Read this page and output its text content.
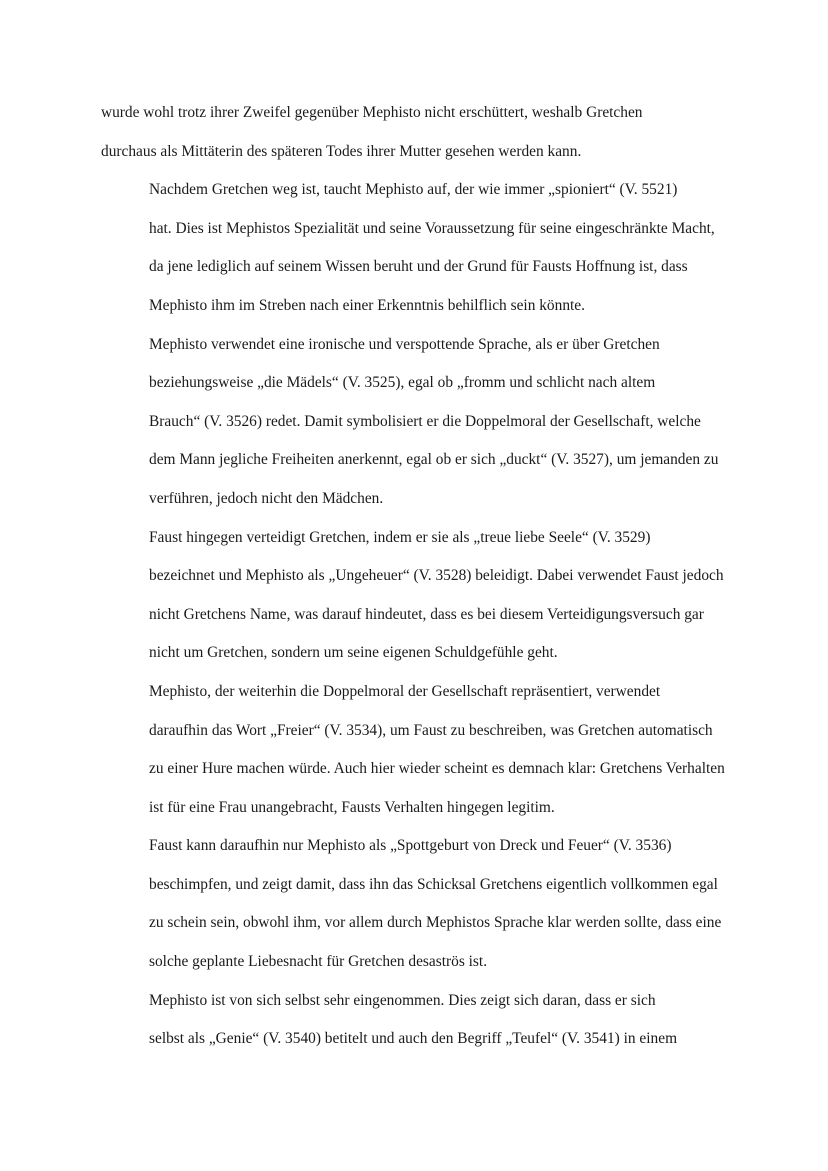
wurde wohl trotz ihrer Zweifel gegenüber Mephisto nicht erschüttert, weshalb Gretchen
durchaus als Mittäterin des späteren Todes ihrer Mutter gesehen werden kann.

Nachdem Gretchen weg ist, taucht Mephisto auf, der wie immer „spioniert“ (V. 5521)
hat. Dies ist Mephistos Spezialität und seine Voraussetzung für seine eingeschränkte Macht,
da jene lediglich auf seinem Wissen beruht und der Grund für Fausts Hoffnung ist, dass
Mephisto ihm im Streben nach einer Erkenntnis behilflich sein könnte.

Mephisto verwendet eine ironische und verspottende Sprache, als er über Gretchen
beziehungsweise „die Mädels“ (V. 3525), egal ob „fromm und schlicht nach altem
Brauch“ (V. 3526) redet. Damit symbolisiert er die Doppelmoral der Gesellschaft, welche
dem Mann jegliche Freiheiten anerkennt, egal ob er sich „duckt“ (V. 3527), um jemanden zu
verführen, jedoch nicht den Mädchen.

Faust hingegen verteidigt Gretchen, indem er sie als „treue liebe Seele“ (V. 3529)
bezeichnet und Mephisto als „Ungeheuer“ (V. 3528) beleidigt. Dabei verwendet Faust jedoch
nicht Gretchens Name, was darauf hindeutet, dass es bei diesem Verteidigungsversuch gar
nicht um Gretchen, sondern um seine eigenen Schuldgefühle geht.

Mephisto, der weiterhin die Doppelmoral der Gesellschaft repräsentiert, verwendet
daraufhin das Wort „Freier“ (V. 3534), um Faust zu beschreiben, was Gretchen automatisch
zu einer Hure machen würde. Auch hier wieder scheint es demnach klar: Gretchens Verhalten
ist für eine Frau unangebracht, Fausts Verhalten hingegen legitim.

Faust kann daraufhin nur Mephisto als „Spottgeburt von Dreck und Feuer“ (V. 3536)
beschimpfen, und zeigt damit, dass ihn das Schicksal Gretchens eigentlich vollkommen egal
zu schein sein, obwohl ihm, vor allem durch Mephistos Sprache klar werden sollte, dass eine
solche geplante Liebesnacht für Gretchen desaströs ist.

Mephisto ist von sich selbst sehr eingenommen. Dies zeigt sich daran, dass er sich
selbst als „Genie“ (V. 3540) betitelt und auch den Begriff „Teufel“ (V. 3541) in einem
